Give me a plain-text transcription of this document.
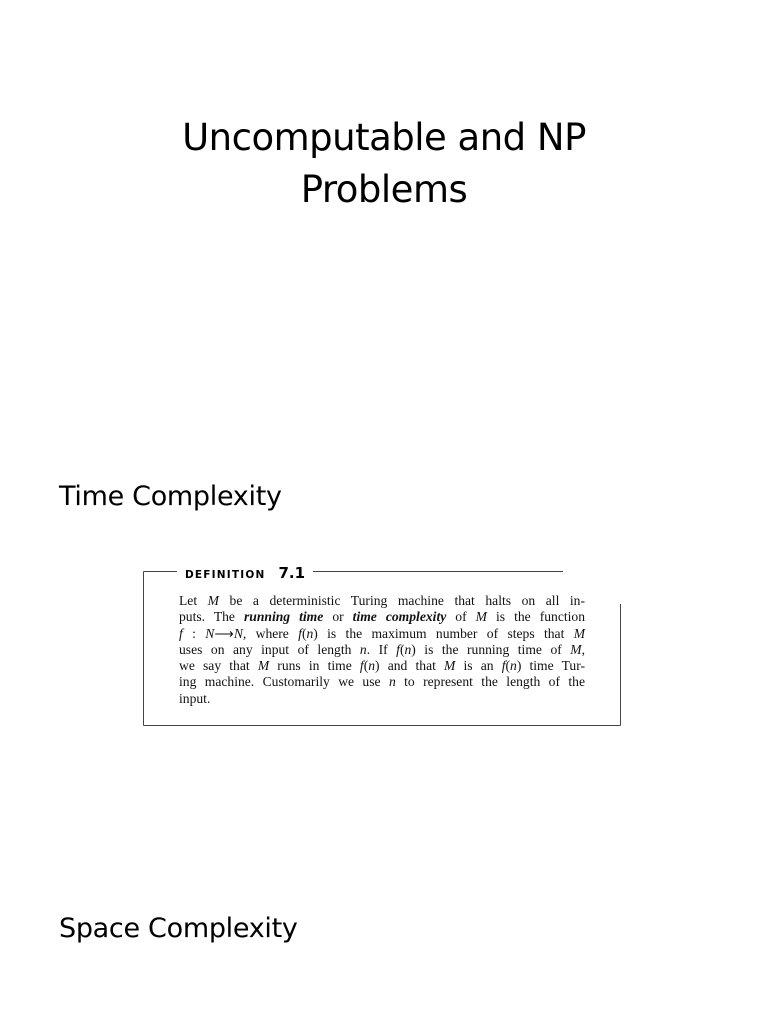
Uncomputable and NP
Problems
Time Complexity
DEFINITION 7.1

Let M be a deterministic Turing machine that halts on all in-
puts. The running time or time complexity of M is the function
f : N⟶N, where f(n) is the maximum number of steps that M
uses on any input of length n. If f(n) is the running time of M,
we say that M runs in time f(n) and that M is an f(n) time Tur-
ing machine. Customarily we use n to represent the length of the
input.

Space Complexity
